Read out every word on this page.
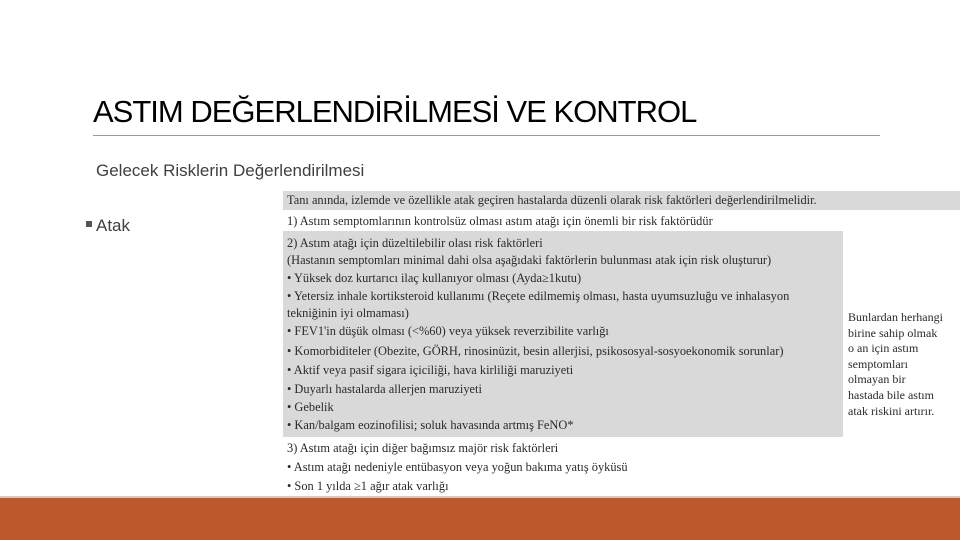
ASTIM DEĞERLENDİRİLMESİ VE KONTROL
Gelecek Risklerin Değerlendirilmesi
Atak
Tanı anında, izlemde ve özellikle atak geçiren hastalarda düzenli olarak risk faktörleri değerlendirilmelidir.
1) Astım semptomlarının kontrolsüz olması astım atağı için önemli bir risk faktörüdür
2) Astım atağı için düzeltilebilir olası risk faktörleri
(Hastanın semptomları minimal dahi olsa aşağıdaki faktörlerin bulunması atak için risk oluşturur)
• Yüksek doz kurtarıcı ilaç kullanıyor olması (Ayda≥1kutu)
• Yetersiz inhale kortiksteroid kullanımı (Reçete edilmemiş olması, hasta uyumsuzluğu ve inhalasyon
tekniğinin iyi olmaması)
• FEV1'in düşük olması (<%60) veya yüksek reverzibilite varlığı
• Komorbiditeler (Obezite, GÖRH, rinosinüzit, besin allerjisi, psikososyal-sosyoekonomik sorunlar)
• Aktif veya pasif sigara içiciliği, hava kirliliği maruziyeti
• Duyarlı hastalarda allerjen maruziyeti
• Gebelik
• Kan/balgam eozinofilisi; soluk havasında artmış FeNO*
3) Astım atağı için diğer bağımsız majör risk faktörleri
• Astım atağı nedeniyle entübasyon veya yoğun bakıma yatış öyküsü
• Son 1 yılda ≥1 ağır atak varlığı
Bunlardan herhangi
birine sahip olmak
o an için astım
semptomları
olmayan bir
hastada bile astım
atak riskini artırır.
